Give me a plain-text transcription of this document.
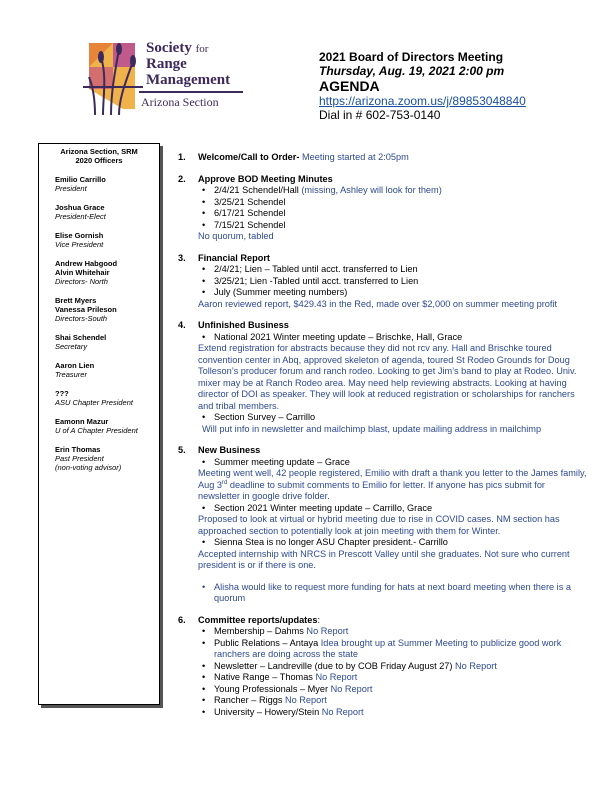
Society for
Range
Management
Arizona Section
2021 Board of Directors Meeting
Thursday, Aug. 19, 2021 2:00 pm
AGENDA
https://arizona.zoom.us/j/89853048840
Dial in # 602-753-0140
Arizona Section, SRM
2020 Officers
Emilio Carrillo
President
Joshua Grace
President-Elect
Elise Gornish
Vice President
Andrew Habgood
Alvin Whitehair
Directors- North
Brett Myers
Vanessa Prileson
Directors-South
Shai Schendel
Secretary
Aaron Lien
Treasurer
???
ASU Chapter President
Eamonn Mazur
U of A Chapter President
Erin Thomas
Past President
(non-voting advisor)
1. Welcome/Call to Order- Meeting started at 2:05pm
2. Approve BOD Meeting Minutes
• 2/4/21 Schendel/Hall (missing, Ashley will look for them)
• 3/25/21 Schendel
• 6/17/21 Schendel
• 7/15/21 Schendel
No quorum, tabled
3. Financial Report
• 2/4/21; Lien – Tabled until acct. transferred to Lien
• 3/25/21; Lien -Tabled until acct. transferred to Lien
• July (Summer meeting numbers)
Aaron reviewed report, $429.43 in the Red, made over $2,000 on summer meeting profit
4. Unfinished Business
• National 2021 Winter meeting update – Brischke, Hall, Grace
Extend registration for abstracts because they did not rcv any. Hall and Brischke toured convention center in Abq, approved skeleton of agenda, toured St Rodeo Grounds for Doug Tolleson’s producer forum and ranch rodeo. Looking to get Jim’s band to play at Rodeo. Univ. mixer may be at Ranch Rodeo area. May need help reviewing abstracts. Looking at having director of DOI as speaker. They will look at reduced registration or scholarships for ranchers and tribal members.
• Section Survey – Carrillo
Will put info in newsletter and mailchimp blast, update mailing address in mailchimp
5. New Business
• Summer meeting update – Grace
Meeting went well, 42 people registered, Emilio with draft a thank you letter to the James family, Aug 3rd deadline to submit comments to Emilio for letter. If anyone has pics submit for newsletter in google drive folder.
• Section 2021 Winter meeting update – Carrillo, Grace
Proposed to look at virtual or hybrid meeting due to rise in COVID cases. NM section has approached section to potentially look at join meeting with them for Winter.
• Sienna Stea is no longer ASU Chapter president.- Carrillo
Accepted internship with NRCS in Prescott Valley until she graduates. Not sure who current president is or if there is one.
• Alisha would like to request more funding for hats at next board meeting when there is a quorum
6. Committee reports/updates:
• Membership – Dahms No Report
• Public Relations – Antaya Idea brought up at Summer Meeting to publicize good work ranchers are doing across the state
• Newsletter – Landreville (due to by COB Friday August 27) No Report
• Native Range – Thomas No Report
• Young Professionals – Myer No Report
• Rancher – Riggs No Report
• University – Howery/Stein No Report
